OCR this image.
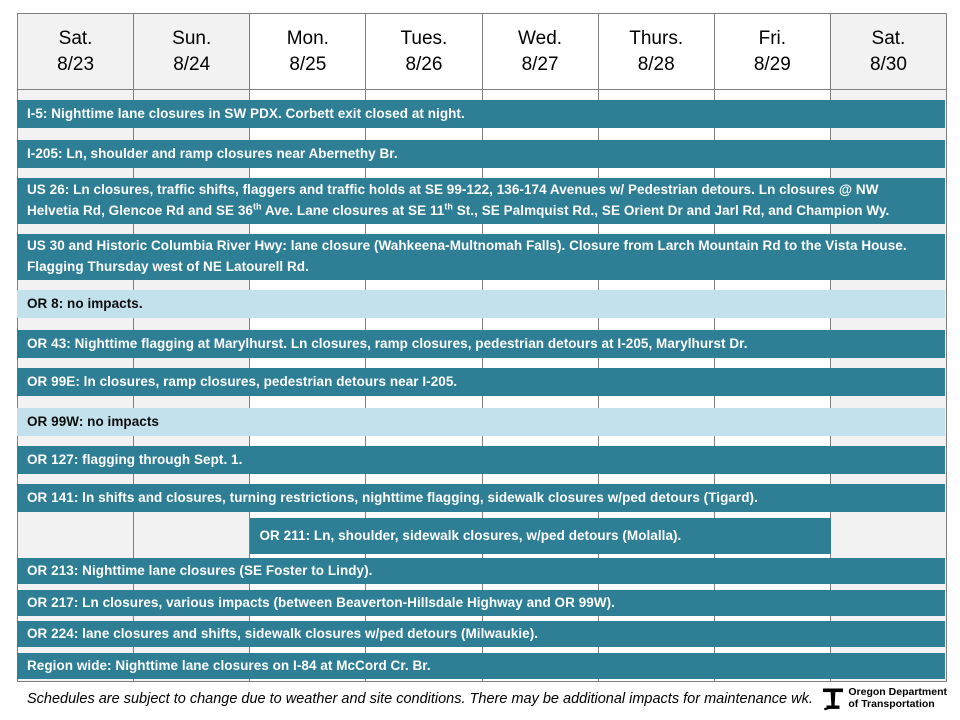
Sat.
8/23
Sun.
8/24
Mon.
8/25
Tues.
8/26
Wed.
8/27
Thurs.
8/28
Fri.
8/29
Sat.
8/30
I-5: Nighttime lane closures in SW PDX. Corbett exit closed at night.
I-205: Ln, shoulder and ramp closures near Abernethy Br.
US 26: Ln closures, traffic shifts, flaggers and traffic holds at SE 99-122, 136-174 Avenues w/ Pedestrian detours. Ln closures @ NW
Helvetia Rd, Glencoe Rd and SE 36th Ave. Lane closures at SE 11th St., SE Palmquist Rd., SE Orient Dr and Jarl Rd, and Champion Wy.
US 30 and Historic Columbia River Hwy: lane closure (Wahkeena-Multnomah Falls). Closure from Larch Mountain Rd to the Vista House.
Flagging Thursday west of NE Latourell Rd.
OR 8: no impacts.
OR 43: Nighttime flagging at Marylhurst. Ln closures, ramp closures, pedestrian detours at I-205, Marylhurst Dr.
OR 99E: ln closures, ramp closures, pedestrian detours near I-205.
OR 99W: no impacts
OR 127: flagging through Sept. 1.
OR 141: ln shifts and closures, turning restrictions, nighttime flagging, sidewalk closures w/ped detours (Tigard).
OR 211: Ln, shoulder, sidewalk closures, w/ped detours (Molalla).
OR 213: Nighttime lane closures (SE Foster to Lindy).
OR 217: Ln closures, various impacts (between Beaverton-Hillsdale Highway and OR 99W).
OR 224: lane closures and shifts, sidewalk closures w/ped detours (Milwaukie).
Region wide: Nighttime lane closures on I-84 at McCord Cr. Br.
Schedules are subject to change due to weather and site conditions. There may be additional impacts for maintenance wk.	Oregon Department
of Transportation
